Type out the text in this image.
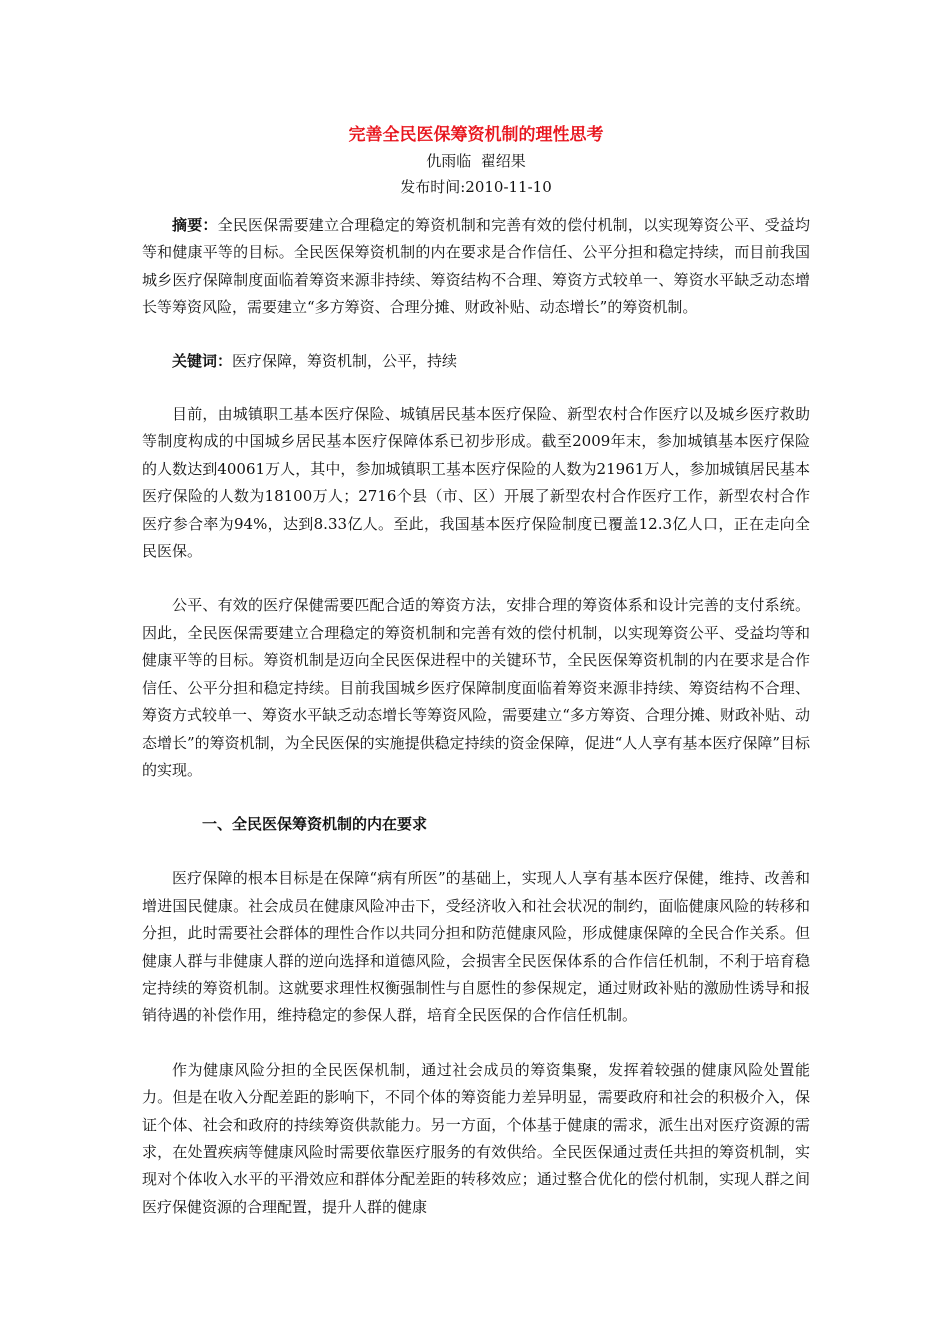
完善全民医保筹资机制的理性思考

仇雨临  翟绍果

发布时间:2010-11-10

摘要：全民医保需要建立合理稳定的筹资机制和完善有效的偿付机制，以实现筹资公平、受益均等和健康平等的目标。全民医保筹资机制的内在要求是合作信任、公平分担和稳定持续，而目前我国城乡医疗保障制度面临着筹资来源非持续、筹资结构不合理、筹资方式较单一、筹资水平缺乏动态增长等筹资风险，需要建立“多方筹资、合理分摊、财政补贴、动态增长”的筹资机制。

关键词：医疗保障，筹资机制，公平，持续

目前，由城镇职工基本医疗保险、城镇居民基本医疗保险、新型农村合作医疗以及城乡医疗救助等制度构成的中国城乡居民基本医疗保障体系已初步形成。截至2009年末，参加城镇基本医疗保险的人数达到40061万人，其中，参加城镇职工基本医疗保险的人数为21961万人，参加城镇居民基本医疗保险的人数为18100万人；2716个县（市、区）开展了新型农村合作医疗工作，新型农村合作医疗参合率为94%，达到8.33亿人。至此，我国基本医疗保险制度已覆盖12.3亿人口，正在走向全民医保。

公平、有效的医疗保健需要匹配合适的筹资方法，安排合理的筹资体系和设计完善的支付系统。因此，全民医保需要建立合理稳定的筹资机制和完善有效的偿付机制，以实现筹资公平、受益均等和健康平等的目标。筹资机制是迈向全民医保进程中的关键环节，全民医保筹资机制的内在要求是合作信任、公平分担和稳定持续。目前我国城乡医疗保障制度面临着筹资来源非持续、筹资结构不合理、筹资方式较单一、筹资水平缺乏动态增长等筹资风险，需要建立“多方筹资、合理分摊、财政补贴、动态增长”的筹资机制，为全民医保的实施提供稳定持续的资金保障，促进“人人享有基本医疗保障”目标的实现。

一、全民医保筹资机制的内在要求

医疗保障的根本目标是在保障“病有所医”的基础上，实现人人享有基本医疗保健，维持、改善和增进国民健康。社会成员在健康风险冲击下，受经济收入和社会状况的制约，面临健康风险的转移和分担，此时需要社会群体的理性合作以共同分担和防范健康风险，形成健康保障的全民合作关系。但健康人群与非健康人群的逆向选择和道德风险，会损害全民医保体系的合作信任机制，不利于培育稳定持续的筹资机制。这就要求理性权衡强制性与自愿性的参保规定，通过财政补贴的激励性诱导和报销待遇的补偿作用，维持稳定的参保人群，培育全民医保的合作信任机制。

作为健康风险分担的全民医保机制，通过社会成员的筹资集聚，发挥着较强的健康风险处置能力。但是在收入分配差距的影响下，不同个体的筹资能力差异明显，需要政府和社会的积极介入，保证个体、社会和政府的持续筹资供款能力。另一方面，个体基于健康的需求，派生出对医疗资源的需求，在处置疾病等健康风险时需要依靠医疗服务的有效供给。全民医保通过责任共担的筹资机制，实现对个体收入水平的平滑效应和群体分配差距的转移效应；通过整合优化的偿付机制，实现人群之间医疗保健资源的合理配置，提升人群的健康
